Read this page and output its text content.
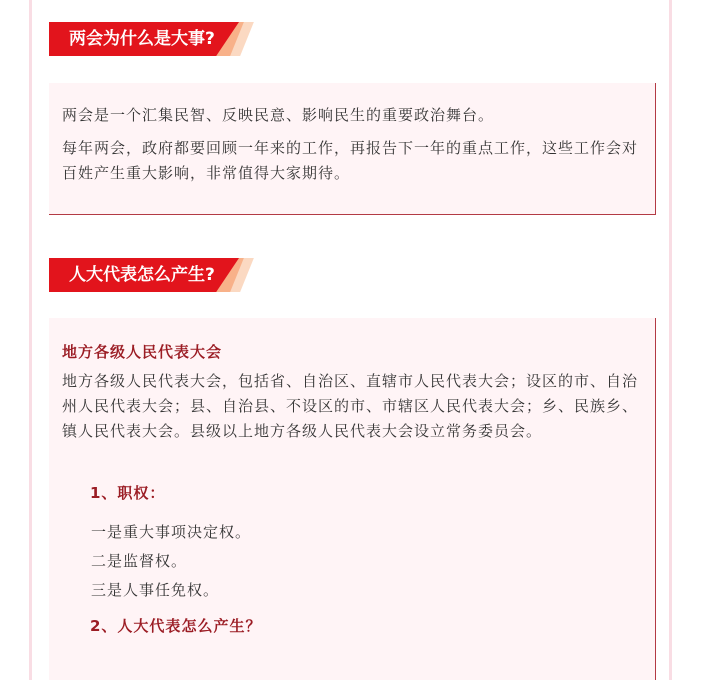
两会为什么是大事?

两会是一个汇集民智、反映民意、影响民生的重要政治舞台。

每年两会，政府都要回顾一年来的工作，再报告下一年的重点工作，这些工作会对百姓产生重大影响，非常值得大家期待。

人大代表怎么产生?
地方各级人民代表大会

地方各级人民代表大会，包括省、自治区、直辖市人民代表大会；设区的市、自治州人民代表大会；县、自治县、不设区的市、市辖区人民代表大会；乡、民族乡、镇人民代表大会。县级以上地方各级人民代表大会设立常务委员会。

1、职权：
一是重大事项决定权。
二是监督权。
三是人事任免权。
2、人大代表怎么产生？
